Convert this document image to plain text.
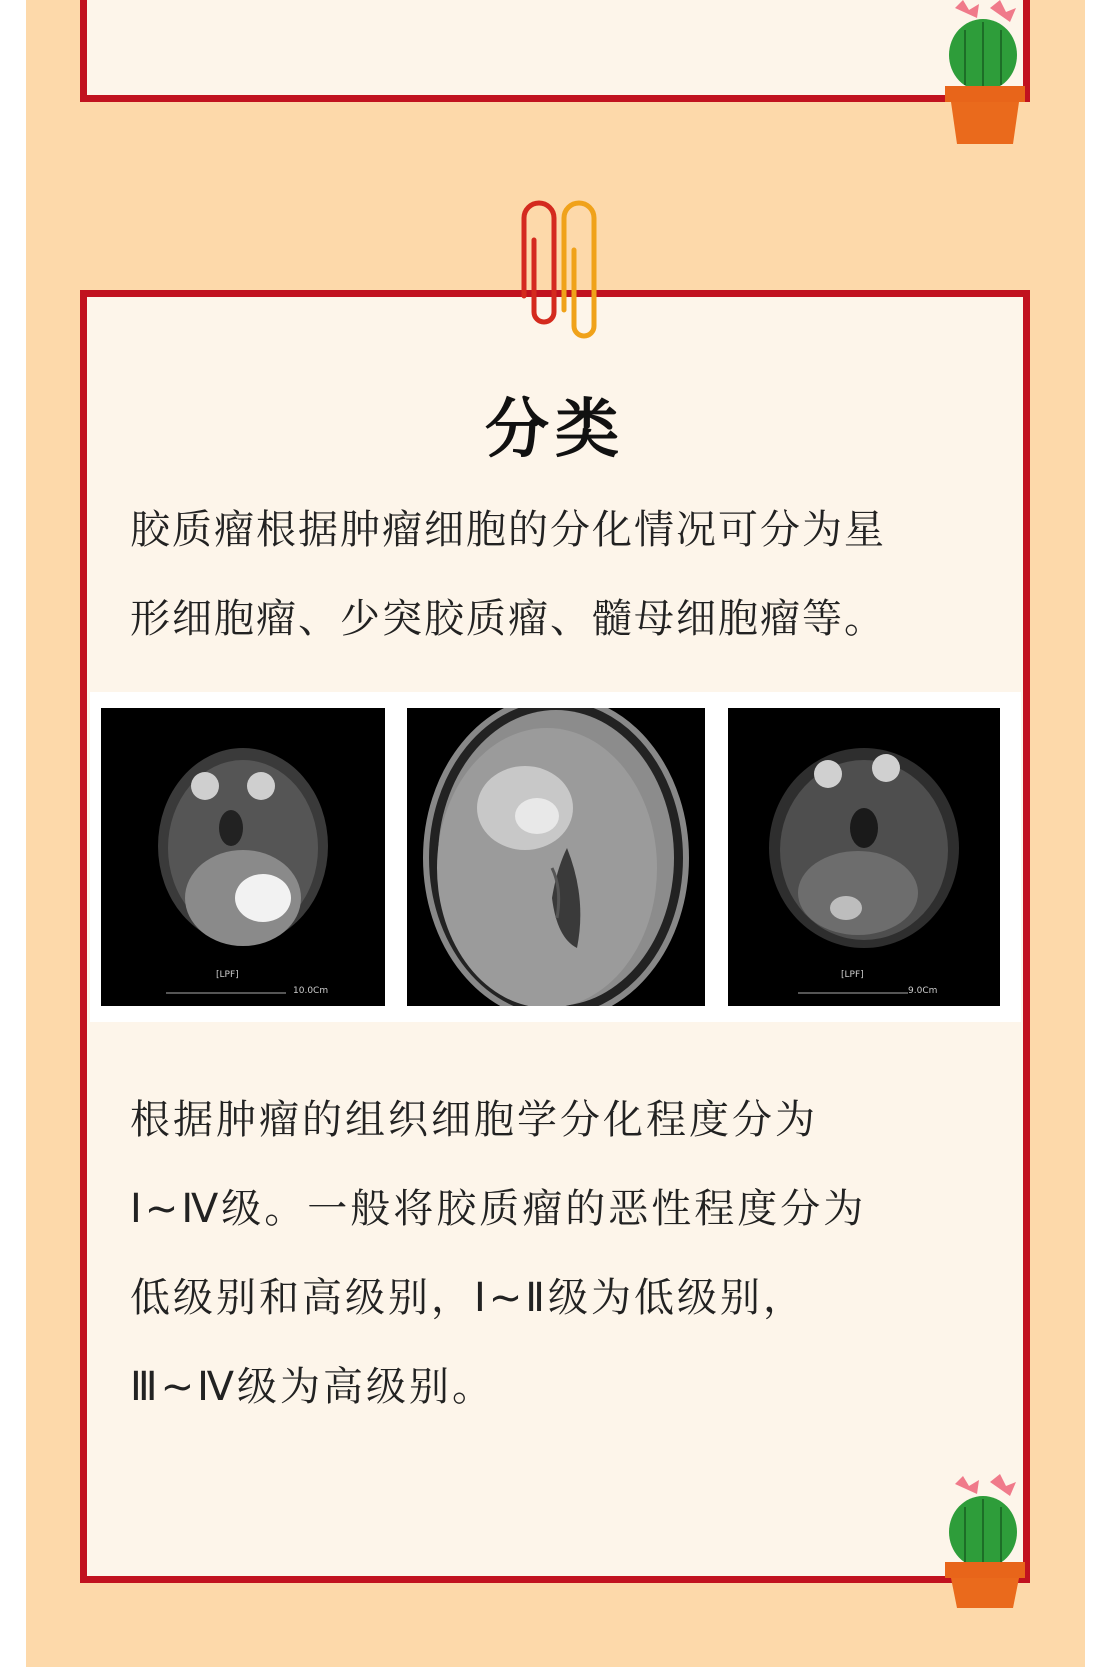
分类

胶质瘤根据肿瘤细胞的分化情况可分为星

形细胞瘤、少突胶质瘤、髓母细胞瘤等。

[LPF]
10.0Cm
[LPF]
9.0Cm

根据肿瘤的组织细胞学分化程度分为

Ⅰ~Ⅳ级。一般将胶质瘤的恶性程度分为

低级别和高级别，Ⅰ~Ⅱ级为低级别，

Ⅲ~Ⅳ级为高级别。
